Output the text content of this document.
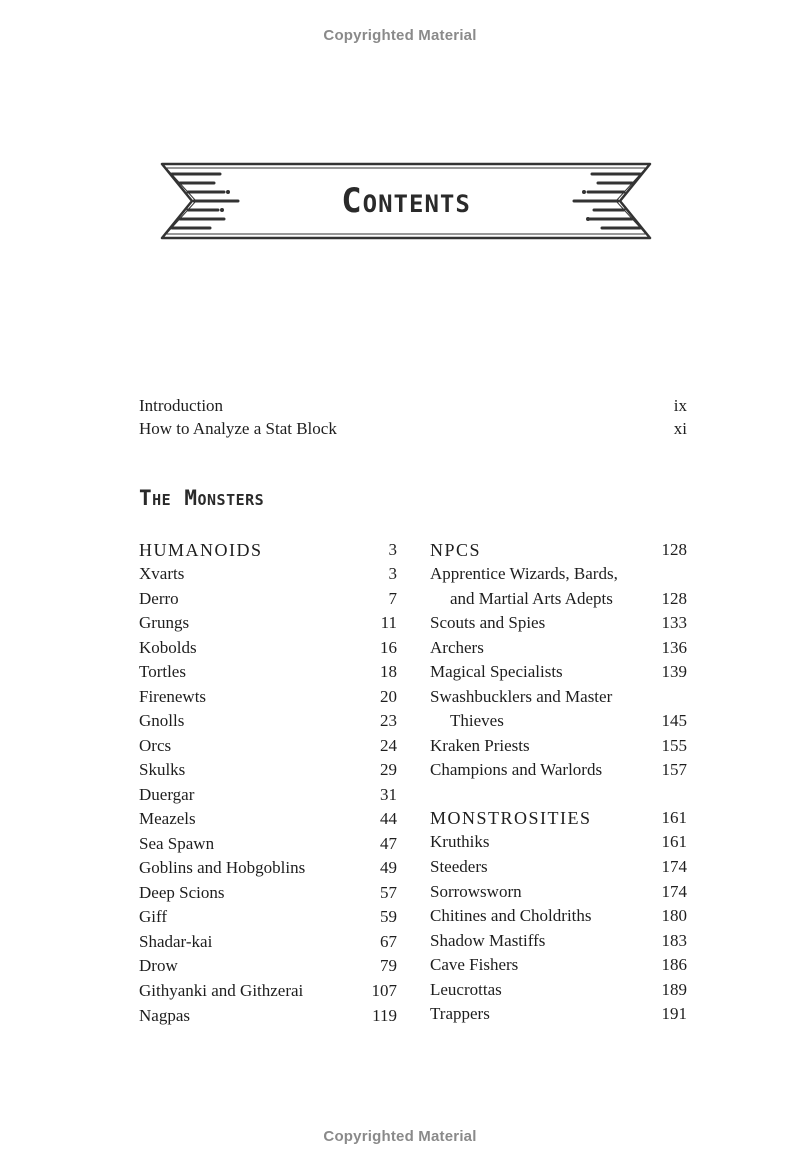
Copyrighted Material
Contents
Introduction	ix
How to Analyze a Stat Block	xi
The Monsters
HUMANOIDS	3
Xvarts	3
Derro	7
Grungs	11
Kobolds	16
Tortles	18
Firenewts	20
Gnolls	23
Orcs	24
Skulks	29
Duergar	31
Meazels	44
Sea Spawn	47
Goblins and Hobgoblins	49
Deep Scions	57
Giff	59
Shadar-kai	67
Drow	79
Githyanki and Githzerai	107
Nagpas	119
NPCS	128
Apprentice Wizards, Bards,
and Martial Arts Adepts	128
Scouts and Spies	133
Archers	136
Magical Specialists	139
Swashbucklers and Master
Thieves	145
Kraken Priests	155
Champions and Warlords	157
MONSTROSITIES	161
Kruthiks	161
Steeders	174
Sorrowsworn	174
Chitines and Choldriths	180
Shadow Mastiffs	183
Cave Fishers	186
Leucrottas	189
Trappers	191
Copyrighted Material
